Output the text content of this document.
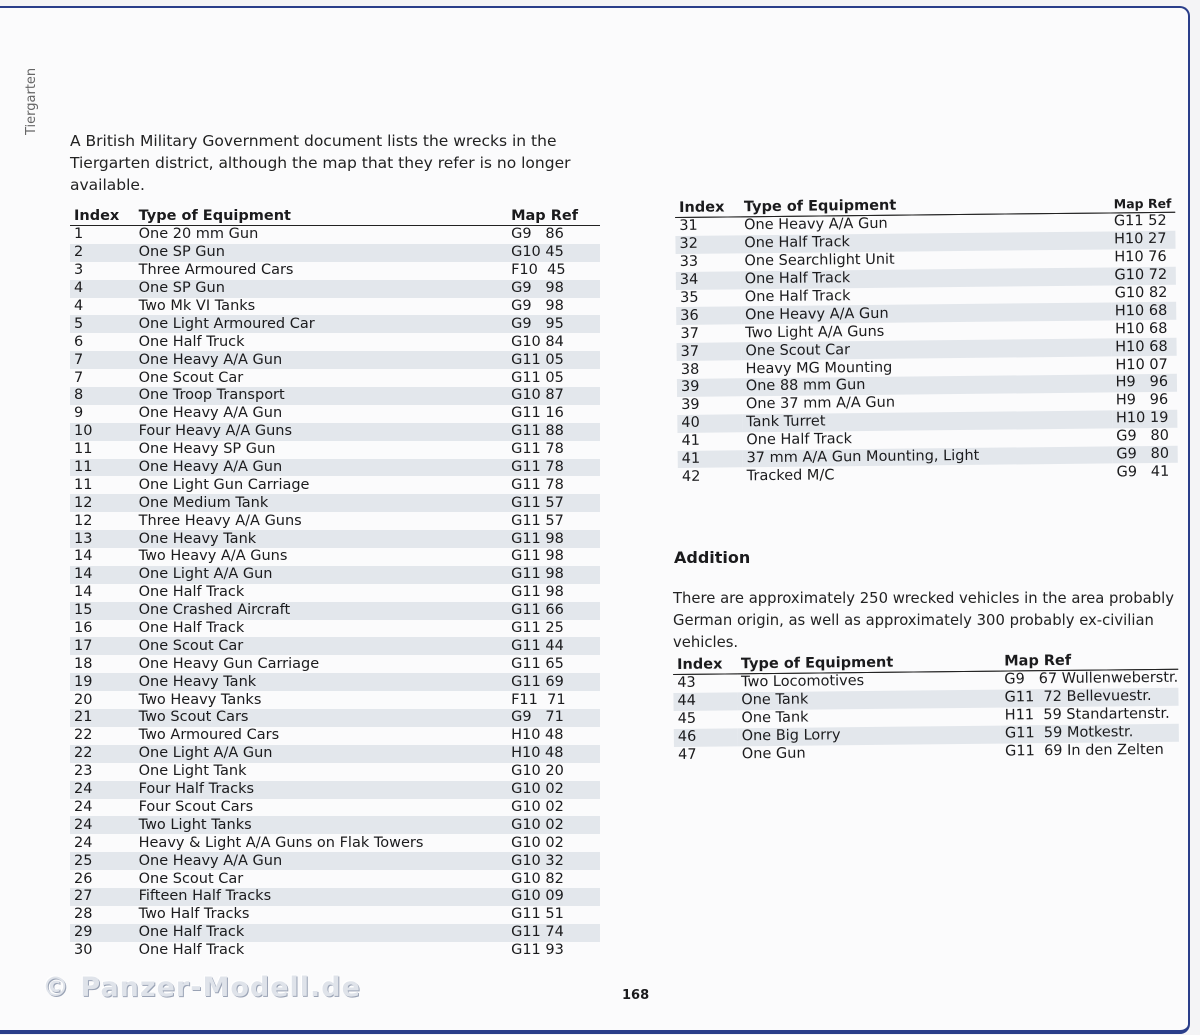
Tiergarten

A British Military Government document lists the wrecks in the Tiergarten district, although the map that they refer is no longer available.

Index	Type of Equipment	Map Ref
1	One 20 mm Gun	G9   86
2	One SP Gun	G10 45
3	Three Armoured Cars	F10  45
4	One SP Gun	G9   98
4	Two Mk VI Tanks	G9   98
5	One Light Armoured Car	G9   95
6	One Half Truck	G10 84
7	One Heavy A/A Gun	G11 05
7	One Scout Car	G11 05
8	One Troop Transport	G10 87
9	One Heavy A/A Gun	G11 16
10	Four Heavy A/A Guns	G11 88
11	One Heavy SP Gun	G11 78
11	One Heavy A/A Gun	G11 78
11	One Light Gun Carriage	G11 78
12	One Medium Tank	G11 57
12	Three Heavy A/A Guns	G11 57
13	One Heavy Tank	G11 98
14	Two Heavy A/A Guns	G11 98
14	One Light A/A Gun	G11 98
14	One Half Track	G11 98
15	One Crashed Aircraft	G11 66
16	One Half Track	G11 25
17	One Scout Car	G11 44
18	One Heavy Gun Carriage	G11 65
19	One Heavy Tank	G11 69
20	Two Heavy Tanks	F11  71
21	Two Scout Cars	G9   71
22	Two Armoured Cars	H10 48
22	One Light A/A Gun	H10 48
23	One Light Tank	G10 20
24	Four Half Tracks	G10 02
24	Four Scout Cars	G10 02
24	Two Light Tanks	G10 02
24	Heavy & Light A/A Guns on Flak Towers	G10 02
25	One Heavy A/A Gun	G10 32
26	One Scout Car	G10 82
27	Fifteen Half Tracks	G10 09
28	Two Half Tracks	G11 51
29	One Half Track	G11 74
30	One Half Track	G11 93
Index	Type of Equipment	Map Ref
31	One Heavy A/A Gun	G11 52
32	One Half Track	H10 27
33	One Searchlight Unit	H10 76
34	One Half Track	G10 72
35	One Half Track	G10 82
36	One Heavy A/A Gun	H10 68
37	Two Light A/A Guns	H10 68
37	One Scout Car	H10 68
38	Heavy MG Mounting	H10 07
39	One 88 mm Gun	H9   96
39	One 37 mm A/A Gun	H9   96
40	Tank Turret	H10 19
41	One Half Track	G9   80
41	37 mm A/A Gun Mounting, Light	G9   80
42	Tracked M/C	G9   41
Addition

There are approximately 250 wrecked vehicles in the area probably German origin, as well as approximately 300 probably ex-civilian vehicles.

Index	Type of Equipment	Map Ref
43	Two Locomotives	G9   67 Wullenweberstr.
44	One Tank	G11  72 Bellevuestr.
45	One Tank	H11  59 Standartenstr.
46	One Big Lorry	G11  59 Motkestr.
47	One Gun	G11  69 In den Zelten
168
© Panzer-Modell.de
